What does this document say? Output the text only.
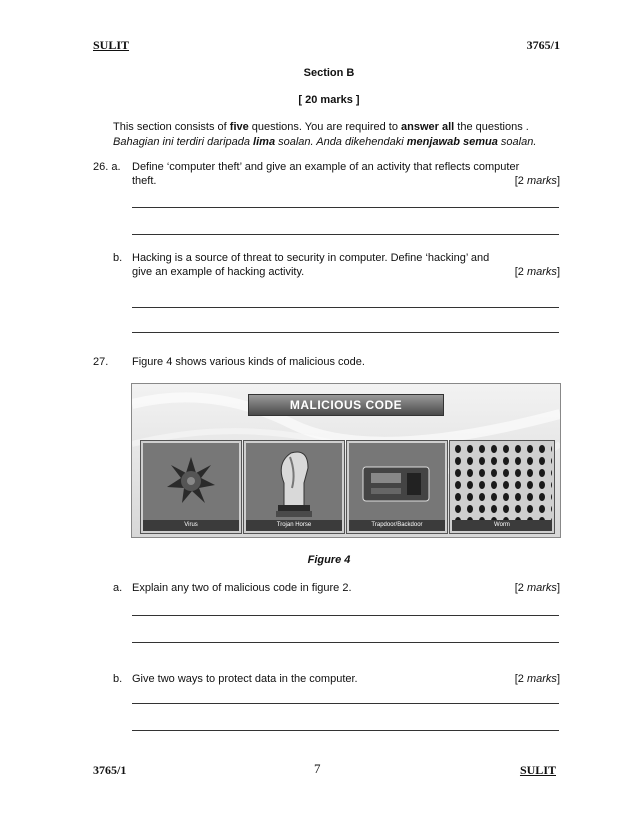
SULIT	3765/1
Section B
[ 20 marks ]
This section consists of five questions. You are required to answer all the questions .
Bahagian ini terdiri daripada lima soalan. Anda dikehendaki menjawab semua soalan.
26. a. Define ‘computer theft’ and give an example of an activity that reflects computer
theft.	[2 marks]
b. Hacking is a source of threat to security in computer. Define ‘hacking’ and
give an example of hacking activity.	[2 marks]
27. Figure 4 shows various kinds of malicious code.
MALICIOUS CODE
Virus	Trojan Horse	Trapdoor/Backdoor	Worm
Figure 4
a. Explain any two of malicious code in figure 2.	[2 marks]
b. Give two ways to protect data in the computer.	[2 marks]
3765/1	7	SULIT
